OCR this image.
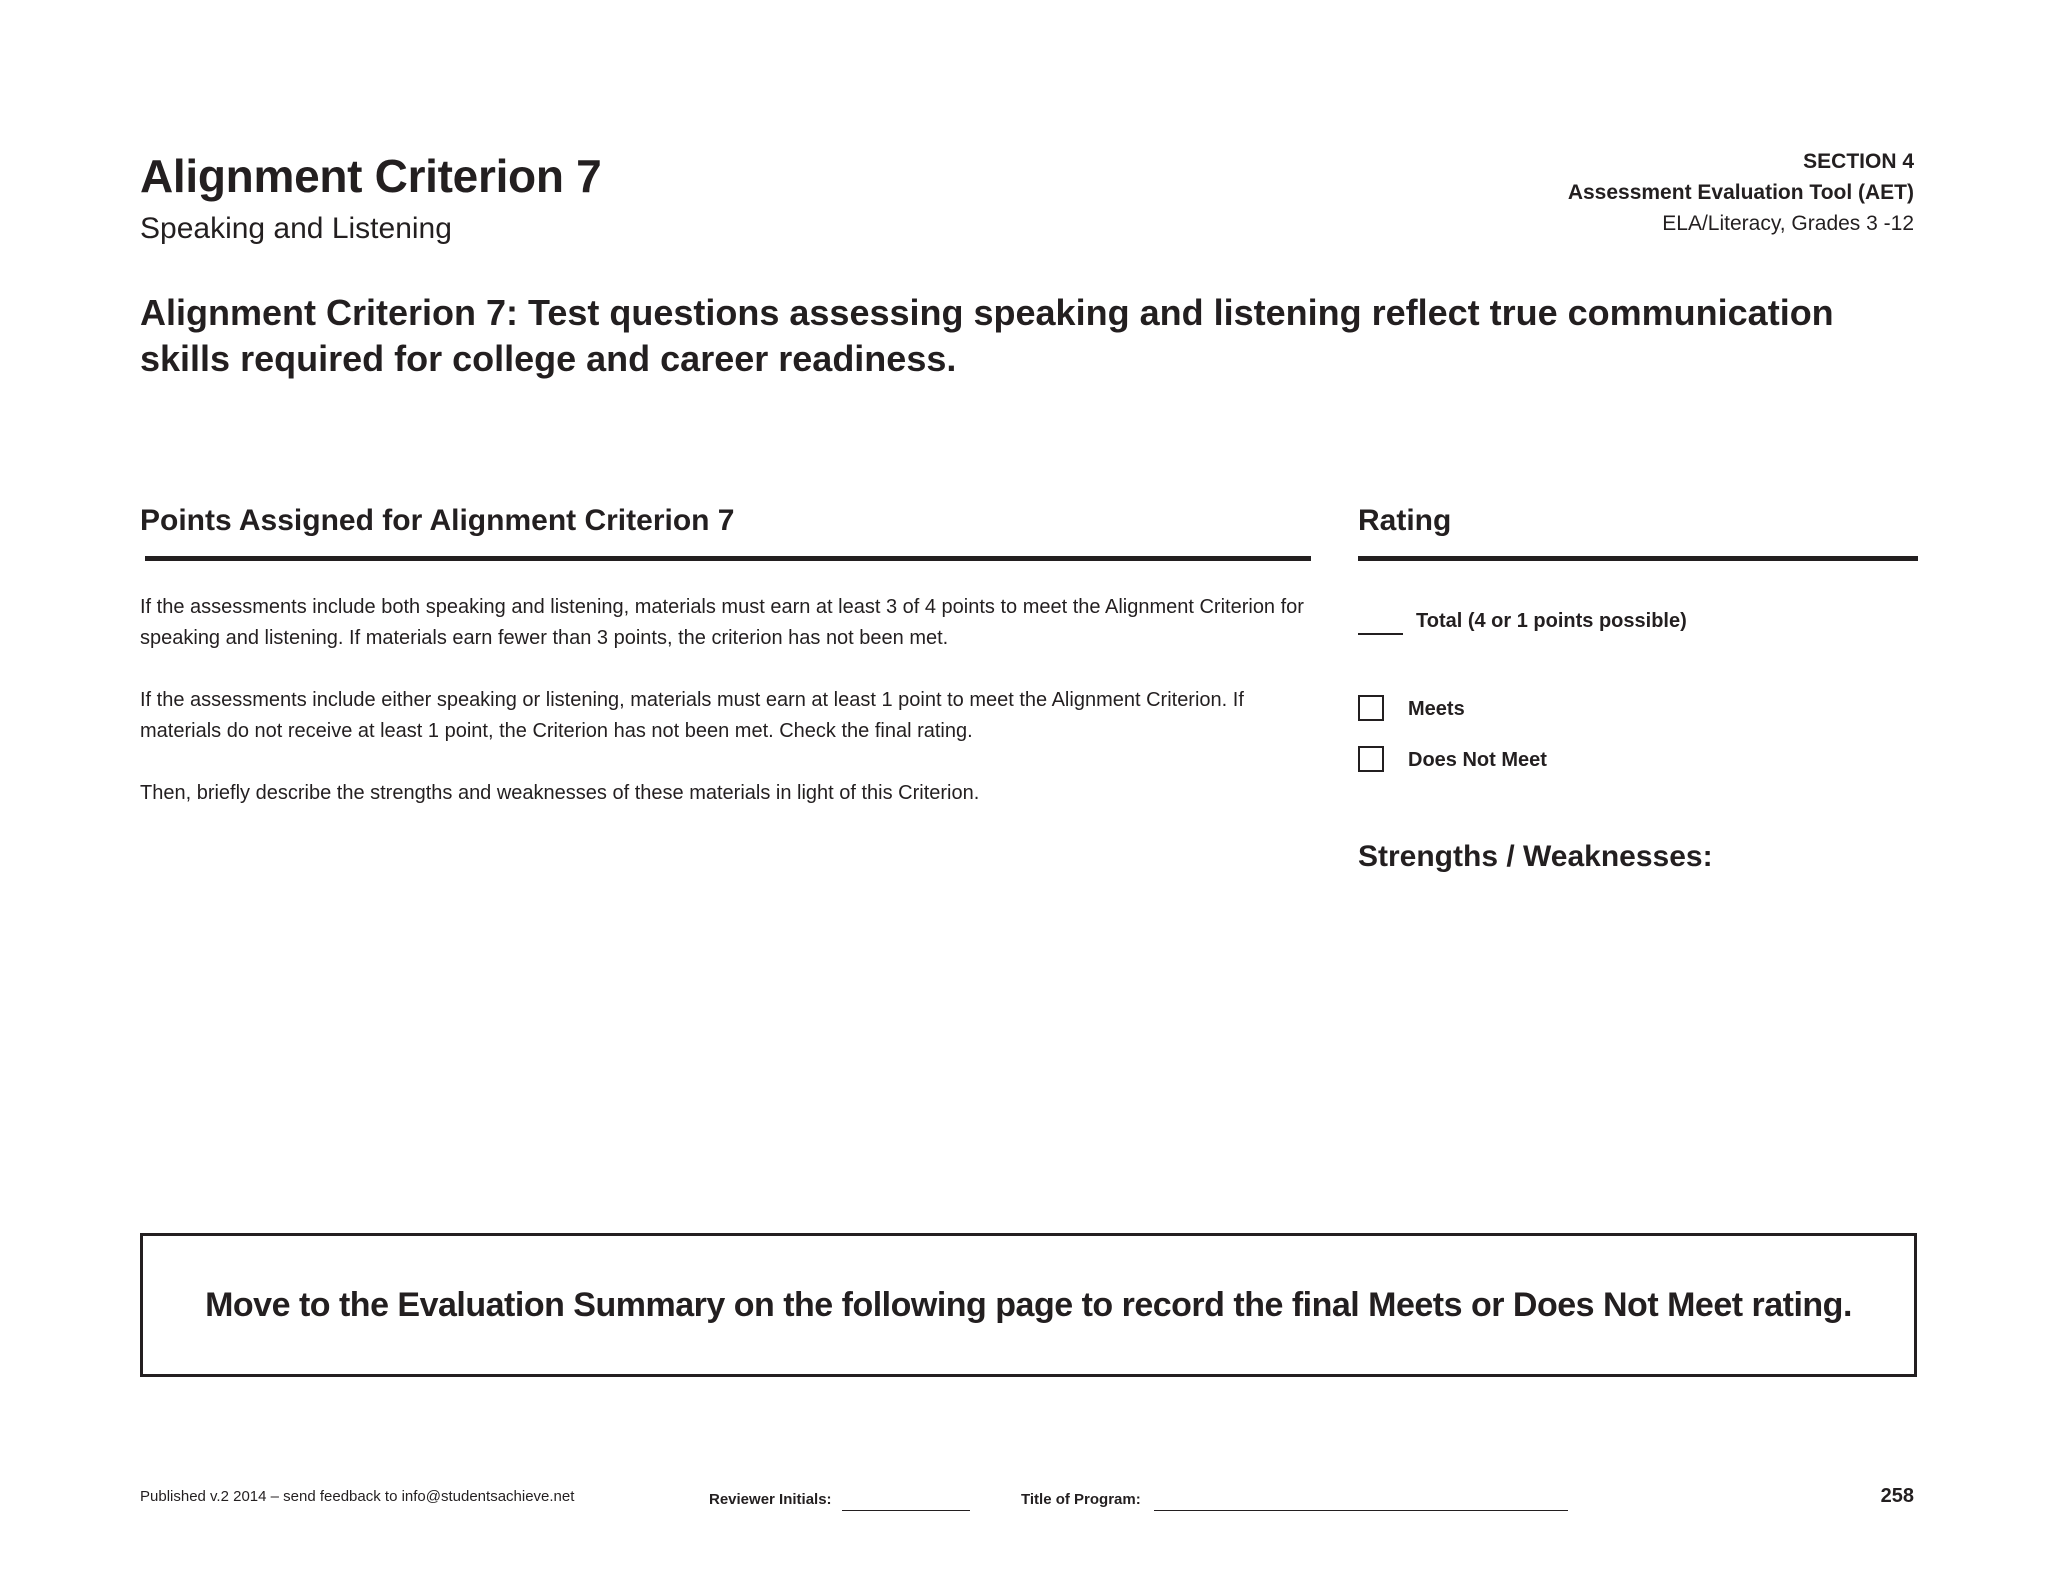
Alignment Criterion 7
Speaking and Listening
SECTION 4
Assessment Evaluation Tool (AET)
ELA/Literacy, Grades 3 -12
Alignment Criterion 7: Test questions assessing speaking and listening reflect true communication skills required for college and career readiness.
Points Assigned for Alignment Criterion 7
If the assessments include both speaking and listening, materials must earn at least 3 of 4 points to meet the Alignment Criterion for speaking and listening. If materials earn fewer than 3 points, the criterion has not been met.
If the assessments include either speaking or listening, materials must earn at least 1 point to meet the Alignment Criterion. If materials do not receive at least 1 point, the Criterion has not been met. Check the final rating.
Then, briefly describe the strengths and weaknesses of these materials in light of this Criterion.
Rating
Total (4 or 1 points possible)
Meets
Does Not Meet
Strengths / Weaknesses:
Move to the Evaluation Summary on the following page to record the final Meets or Does Not Meet rating.
Published v.2 2014 – send feedback to info@studentsachieve.net	Reviewer Initials:	Title of Program:	258
